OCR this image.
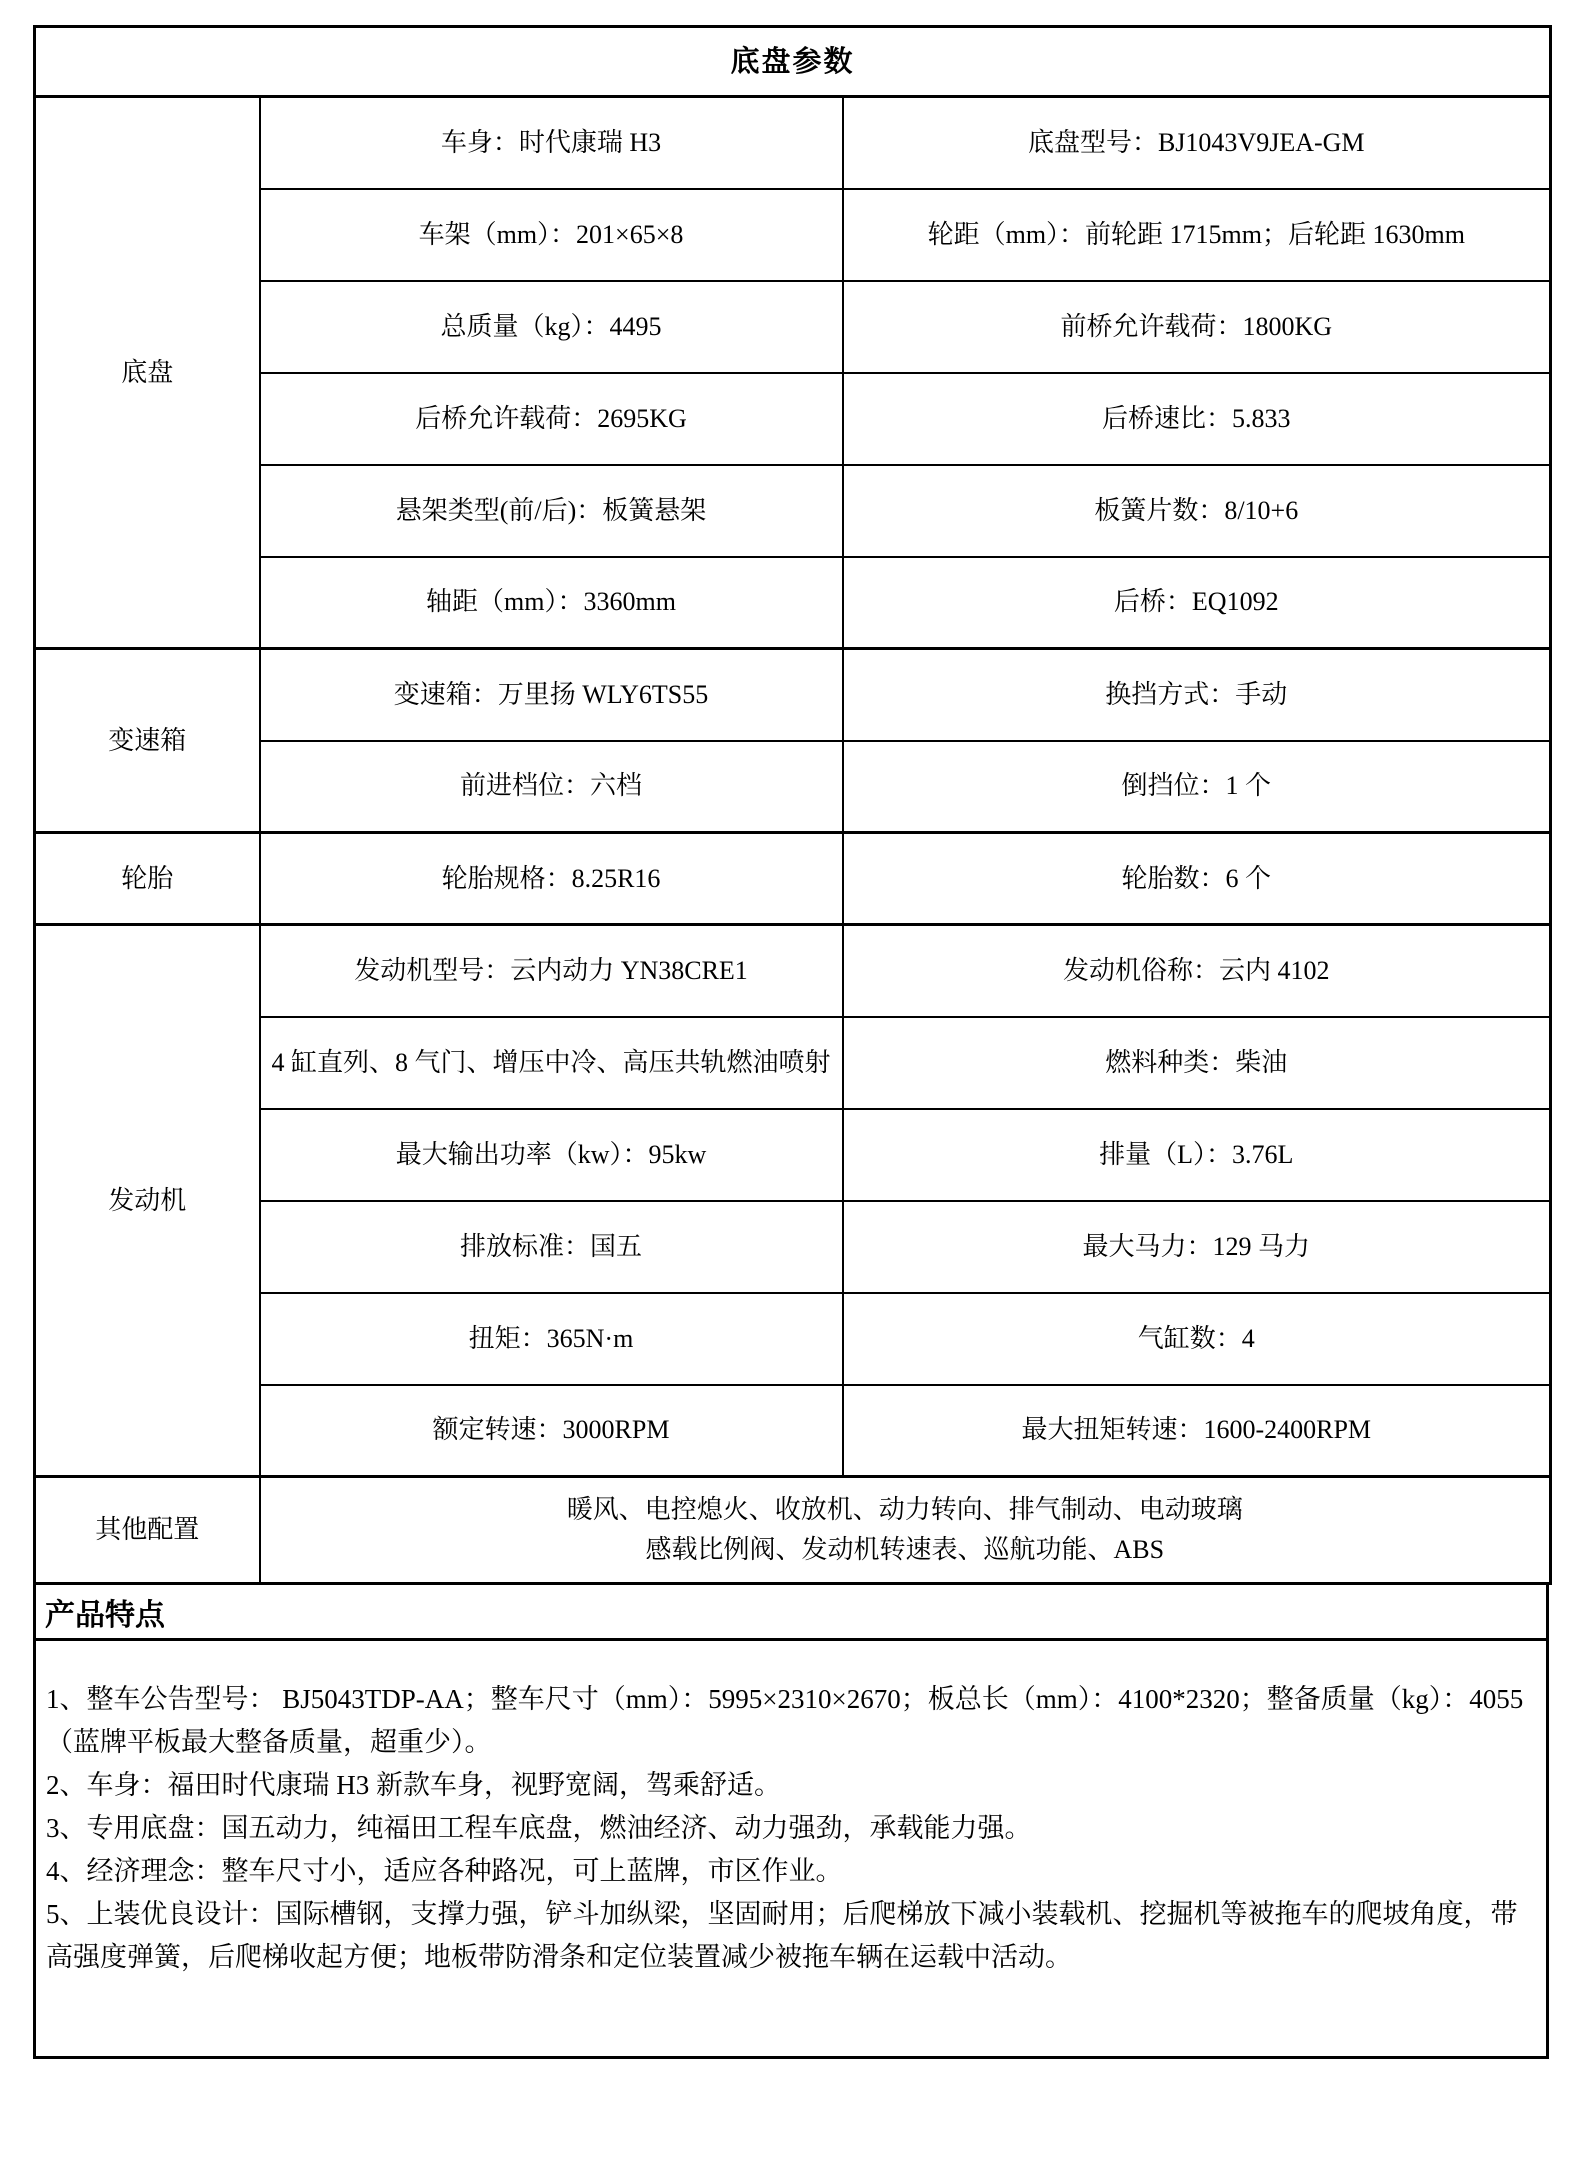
底盘参数		
底盘	车身：时代康瑞 H3	底盘型号：BJ1043V9JEA-GM
	车架（mm）：201×65×8	轮距（mm）：前轮距 1715mm；后轮距 1630mm
	总质量（kg）：4495	前桥允许载荷：1800KG
	后桥允许载荷：2695KG	后桥速比：5.833
	悬架类型(前/后)：板簧悬架	板簧片数：8/10+6
	轴距（mm）：3360mm	后桥：EQ1092
变速箱	变速箱：万里扬 WLY6TS55	换挡方式：手动
	前进档位：六档	倒挡位：1 个
轮胎	轮胎规格：8.25R16	轮胎数：6 个
发动机	发动机型号：云内动力 YN38CRE1	发动机俗称：云内 4102
	4 缸直列、8 气门、增压中冷、高压共轨燃油喷射	燃料种类：柴油
	最大输出功率（kw）：95kw	排量（L）：3.76L
	排放标准：国五	最大马力：129 马力
	扭矩：365N·m	气缸数：4
	额定转速：3000RPM	最大扭矩转速：1600-2400RPM
其他配置	暖风、电控熄火、收放机、动力转向、排气制动、电动玻璃
感载比例阀、发动机转速表、巡航功能、ABS	
产品特点

1、整车公告型号： BJ5043TDP-AA；整车尺寸（mm）：5995×2310×2670；板总长（mm）：4100*2320；整备质量（kg）：4055（蓝牌平板最大整备质量，超重少）。

2、车身：福田时代康瑞 H3 新款车身，视野宽阔，驾乘舒适。

3、专用底盘：国五动力，纯福田工程车底盘，燃油经济、动力强劲，承载能力强。

4、经济理念：整车尺寸小，适应各种路况，可上蓝牌，市区作业。

5、上装优良设计：国际槽钢，支撑力强，铲斗加纵梁，坚固耐用；后爬梯放下减小装载机、挖掘机等被拖车的爬坡角度，带高强度弹簧，后爬梯收起方便；地板带防滑条和定位装置减少被拖车辆在运载中活动。
